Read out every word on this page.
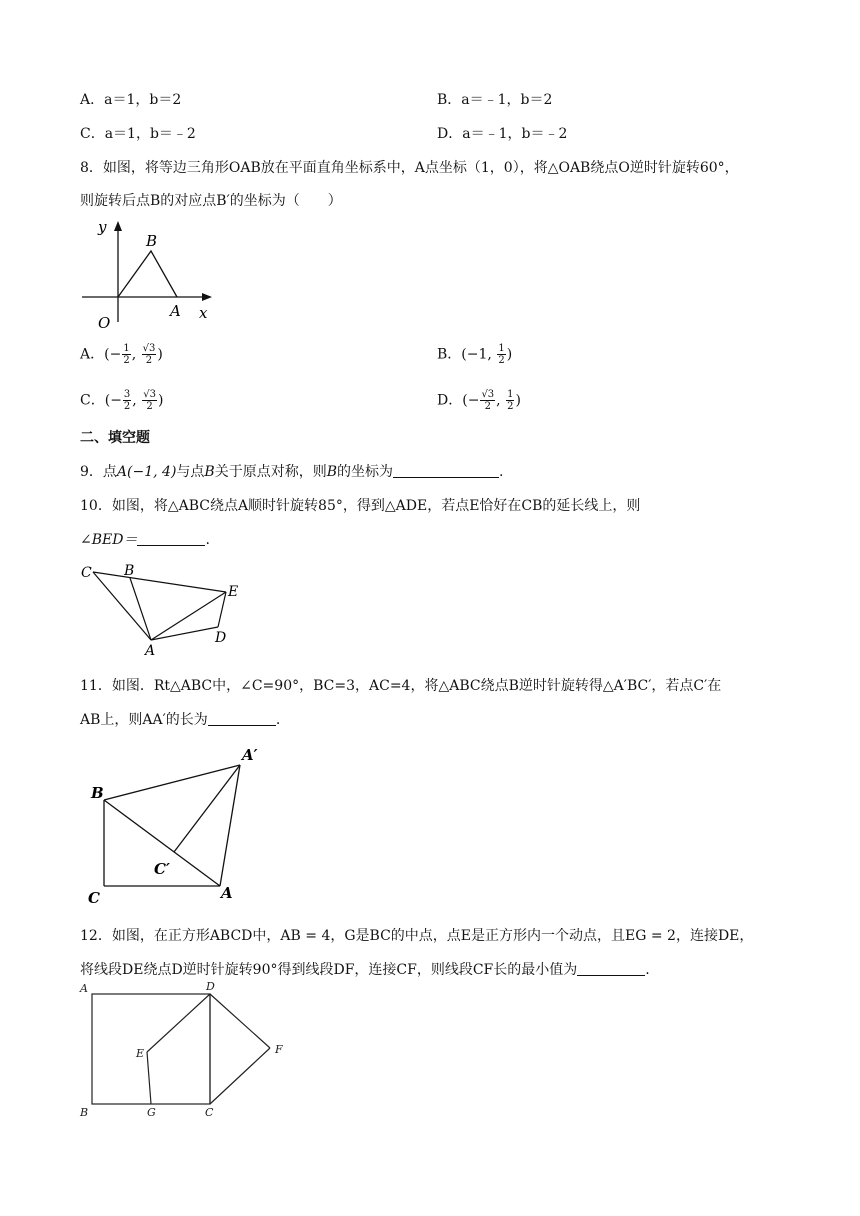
A．a＝1，b＝2	B．a＝﹣1，b＝2
C．a＝1，b＝﹣2	D．a＝﹣1，b＝﹣2
8．如图，将等边三角形OAB放在平面直角坐标系中，A点坐标（1，0），将△OAB绕点O逆时针旋转60°，
则旋转后点B的对应点B′的坐标为（　　）
y
B
A x
O
A．(− $\frac{1}{2}$ , $\frac{√3}{2}$ )	B．(−1, $\frac{1}{2}$ )
C．(− $\frac{3}{2}$ , $\frac{√3}{2}$ )	D．(− $\frac{√3}{2}$ , $\frac{1}{2}$ )
二、填空题
9．点A(−1, 4)与点B关于原点对称，则B的坐标为	.
10．如图，将△ABC绕点A顺时针旋转85°，得到△ADE，若点E恰好在CB的延长线上，则
∠BED＝	.
C B
E
D
A
11．如图．Rt△ABC中，∠C=90°，BC=3，AC=4，将△ABC绕点B逆时针旋转得△A′BC′，若点C′在
AB上，则AA′的长为	.
A′
B
C′
C	A
12．如图，在正方形ABCD中，AB = 4，G是BC的中点，点E是正方形内一个动点，且EG = 2，连接DE，
将线段DE绕点D逆时针旋转90°得到线段DF，连接CF，则线段CF长的最小值为	.
A	D
E	F
B	G	C
